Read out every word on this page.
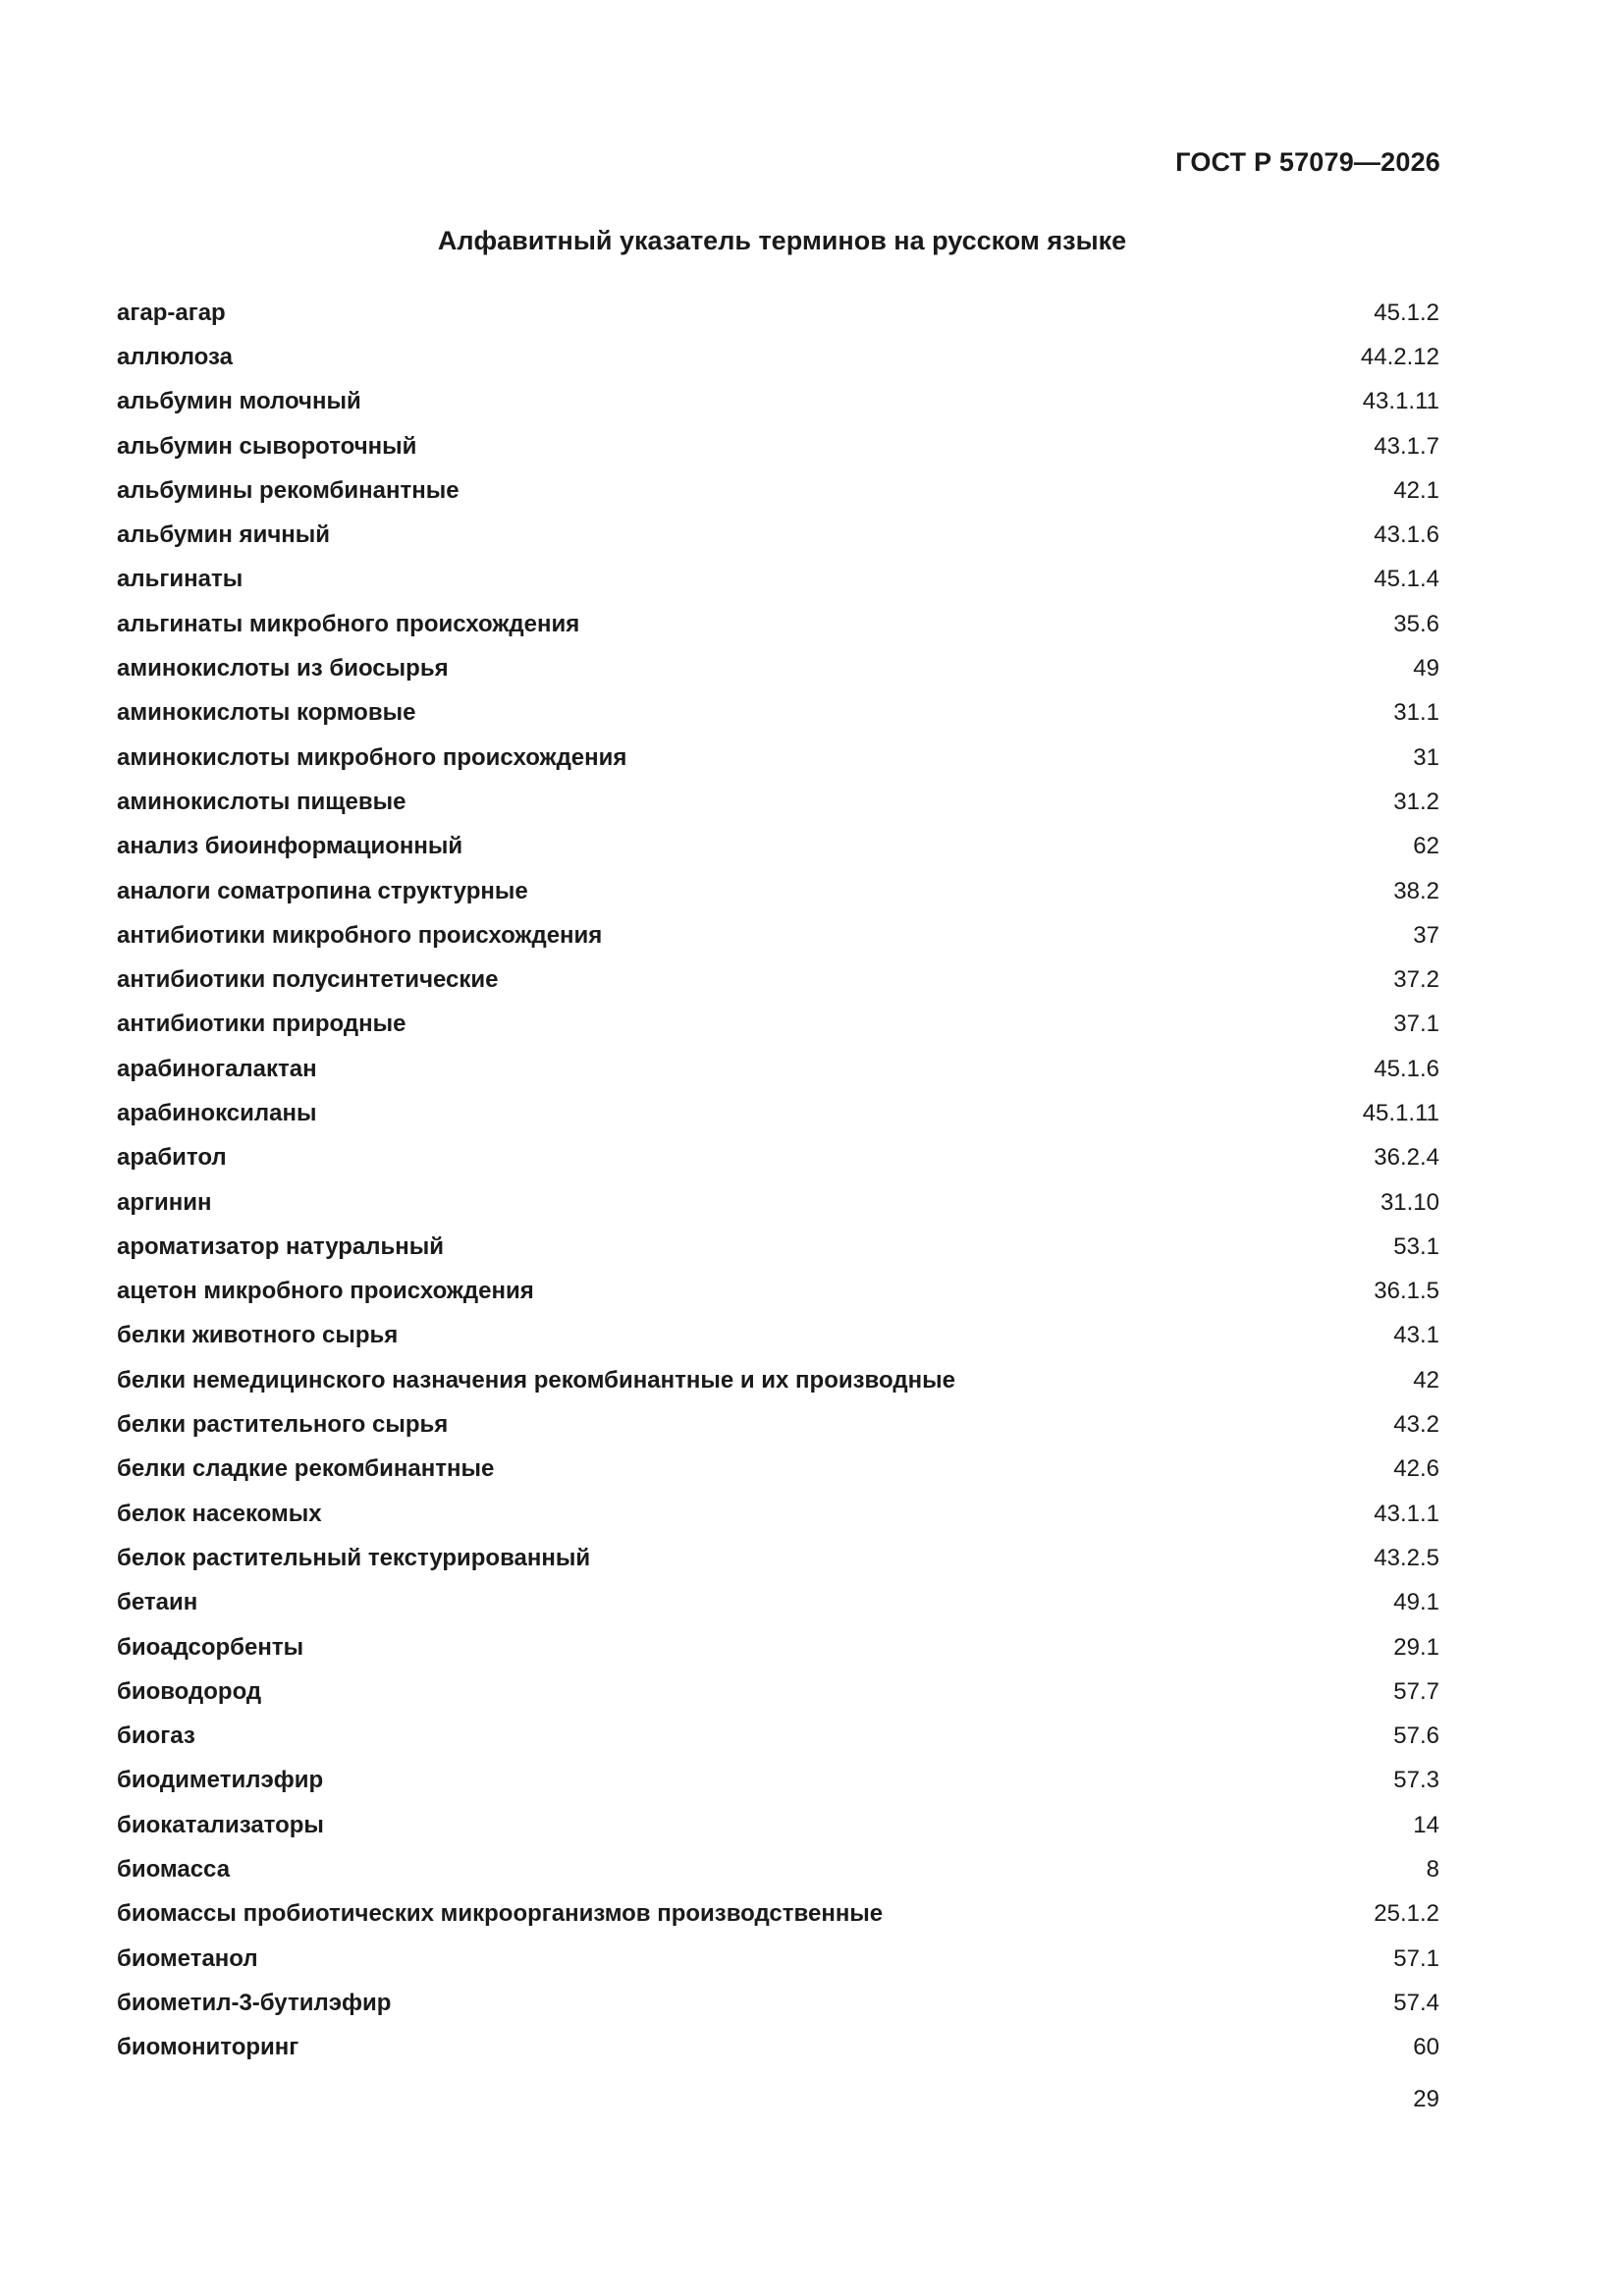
ГОСТ Р 57079—2026
Алфавитный указатель терминов на русском языке
агар-агар	45.1.2
аллюлоза	44.2.12
альбумин молочный	43.1.11
альбумин сывороточный	43.1.7
альбумины рекомбинантные	42.1
альбумин яичный	43.1.6
альгинаты	45.1.4
альгинаты микробного происхождения	35.6
аминокислоты из биосырья	49
аминокислоты кормовые	31.1
аминокислоты микробного происхождения	31
аминокислоты пищевые	31.2
анализ биоинформационный	62
аналоги соматропина структурные	38.2
антибиотики микробного происхождения	37
антибиотики полусинтетические	37.2
антибиотики природные	37.1
арабиногалактан	45.1.6
арабиноксиланы	45.1.11
арабитол	36.2.4
аргинин	31.10
ароматизатор натуральный	53.1
ацетон микробного происхождения	36.1.5
белки животного сырья	43.1
белки немедицинского назначения рекомбинантные и их производные	42
белки растительного сырья	43.2
белки сладкие рекомбинантные	42.6
белок насекомых	43.1.1
белок растительный текстурированный	43.2.5
бетаин	49.1
биоадсорбенты	29.1
биоводород	57.7
биогаз	57.6
биодиметилэфир	57.3
биокатализаторы	14
биомасса	8
биомассы пробиотических микроорганизмов производственные	25.1.2
биометанол	57.1
биометил-3-бутилэфир	57.4
биомониторинг	60
29
